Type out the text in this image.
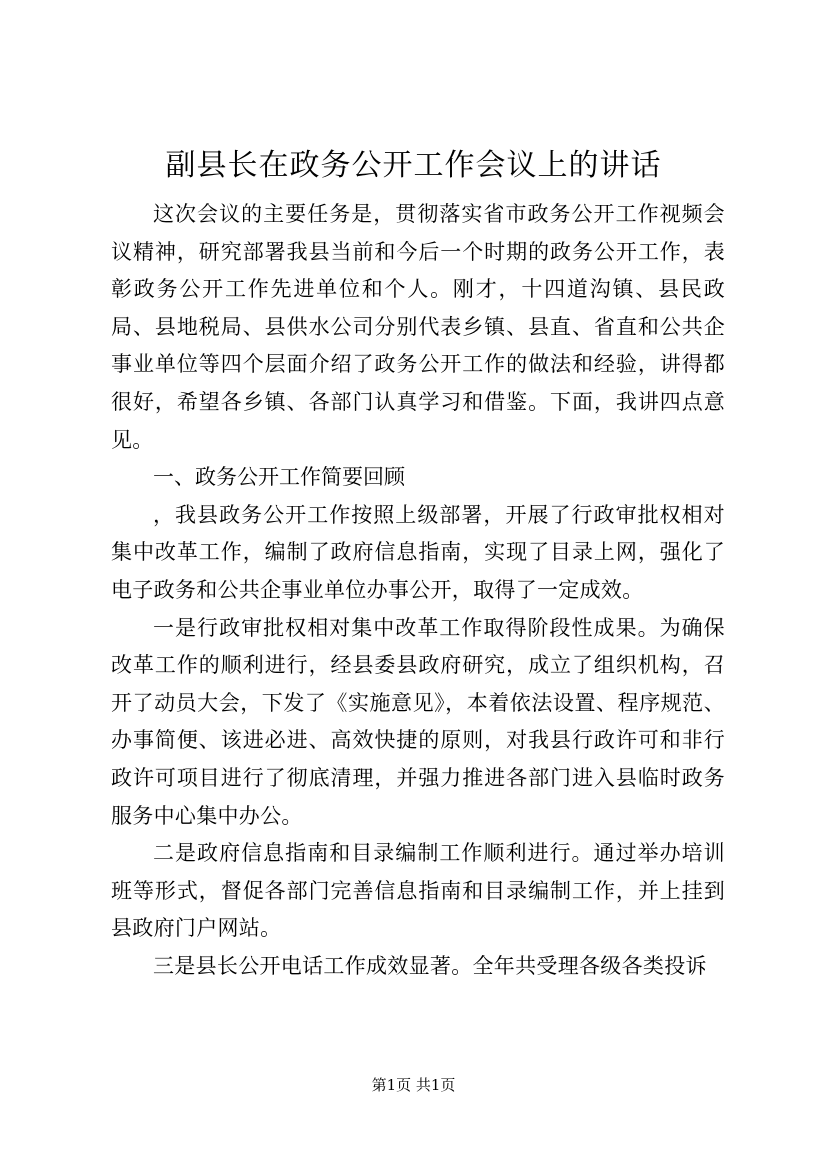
副县长在政务公开工作会议上的讲话

这次会议的主要任务是，贯彻落实省市政务公开工作视频会议精神，研究部署我县当前和今后一个时期的政务公开工作，表彰政务公开工作先进单位和个人。刚才，十四道沟镇、县民政局、县地税局、县供水公司分别代表乡镇、县直、省直和公共企事业单位等四个层面介绍了政务公开工作的做法和经验，讲得都很好，希望各乡镇、各部门认真学习和借鉴。下面，我讲四点意见。

一、政务公开工作简要回顾

，我县政务公开工作按照上级部署，开展了行政审批权相对集中改革工作，编制了政府信息指南，实现了目录上网，强化了电子政务和公共企事业单位办事公开，取得了一定成效。

一是行政审批权相对集中改革工作取得阶段性成果。为确保改革工作的顺利进行，经县委县政府研究，成立了组织机构，召开了动员大会，下发了《实施意见》，本着依法设置、程序规范、办事简便、该进必进、高效快捷的原则，对我县行政许可和非行政许可项目进行了彻底清理，并强力推进各部门进入县临时政务服务中心集中办公。

二是政府信息指南和目录编制工作顺利进行。通过举办培训班等形式，督促各部门完善信息指南和目录编制工作，并上挂到县政府门户网站。

三是县长公开电话工作成效显著。全年共受理各级各类投诉

第1页 共1页
